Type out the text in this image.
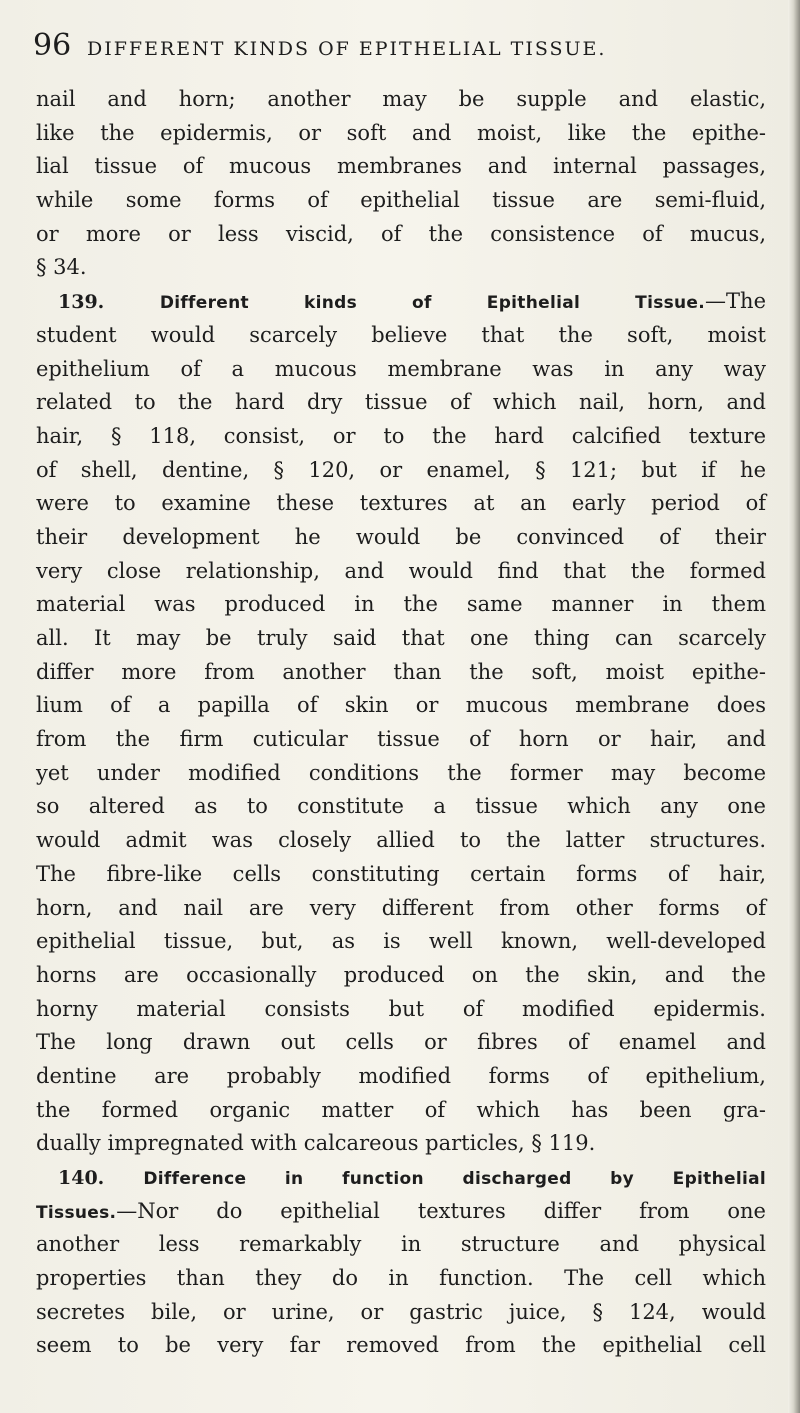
96 DIFFERENT KINDS OF EPITHELIAL TISSUE.
nail and horn; another may be supple and elastic,
like the epidermis, or soft and moist, like the epithe-
lial tissue of mucous membranes and internal passages,
while some forms of epithelial tissue are semi-fluid,
or more or less viscid, of the consistence of mucus,
§ 34.
139.	Different kinds of Epithelial Tissue.—The
student would scarcely believe that the soft, moist
epithelium of a mucous membrane was in any way
related to the hard dry tissue of which nail, horn, and
hair, § 118, consist, or to the hard calcified texture
of shell, dentine, § 120, or enamel, § 121; but if he
were to examine these textures at an early period of
their development he would be convinced of their
very close relationship, and would find that the formed
material was produced in the same manner in them
all. It may be truly said that one thing can scarcely
differ more from another than the soft, moist epithe-
lium of a papilla of skin or mucous membrane does
from the firm cuticular tissue of horn or hair, and
yet under modified conditions the former may become
so altered as to constitute a tissue which any one
would admit was closely allied to the latter structures.
The fibre-like cells constituting certain forms of hair,
horn, and nail are very different from other forms of
epithelial tissue, but, as is well known, well-developed
horns are occasionally produced on the skin, and the
horny material consists but of modified epidermis.
The long drawn out cells or fibres of enamel and
dentine are probably modified forms of epithelium,
the formed organic matter of which has been gra-
dually impregnated with calcareous particles, § 119.
140. Difference in function discharged by Epithelial
Tissues.—Nor do epithelial textures differ from one
another less remarkably in structure and physical
properties than they do in function. The cell which
secretes bile, or urine, or gastric juice, § 124, would
seem to be very far removed from the epithelial cell
